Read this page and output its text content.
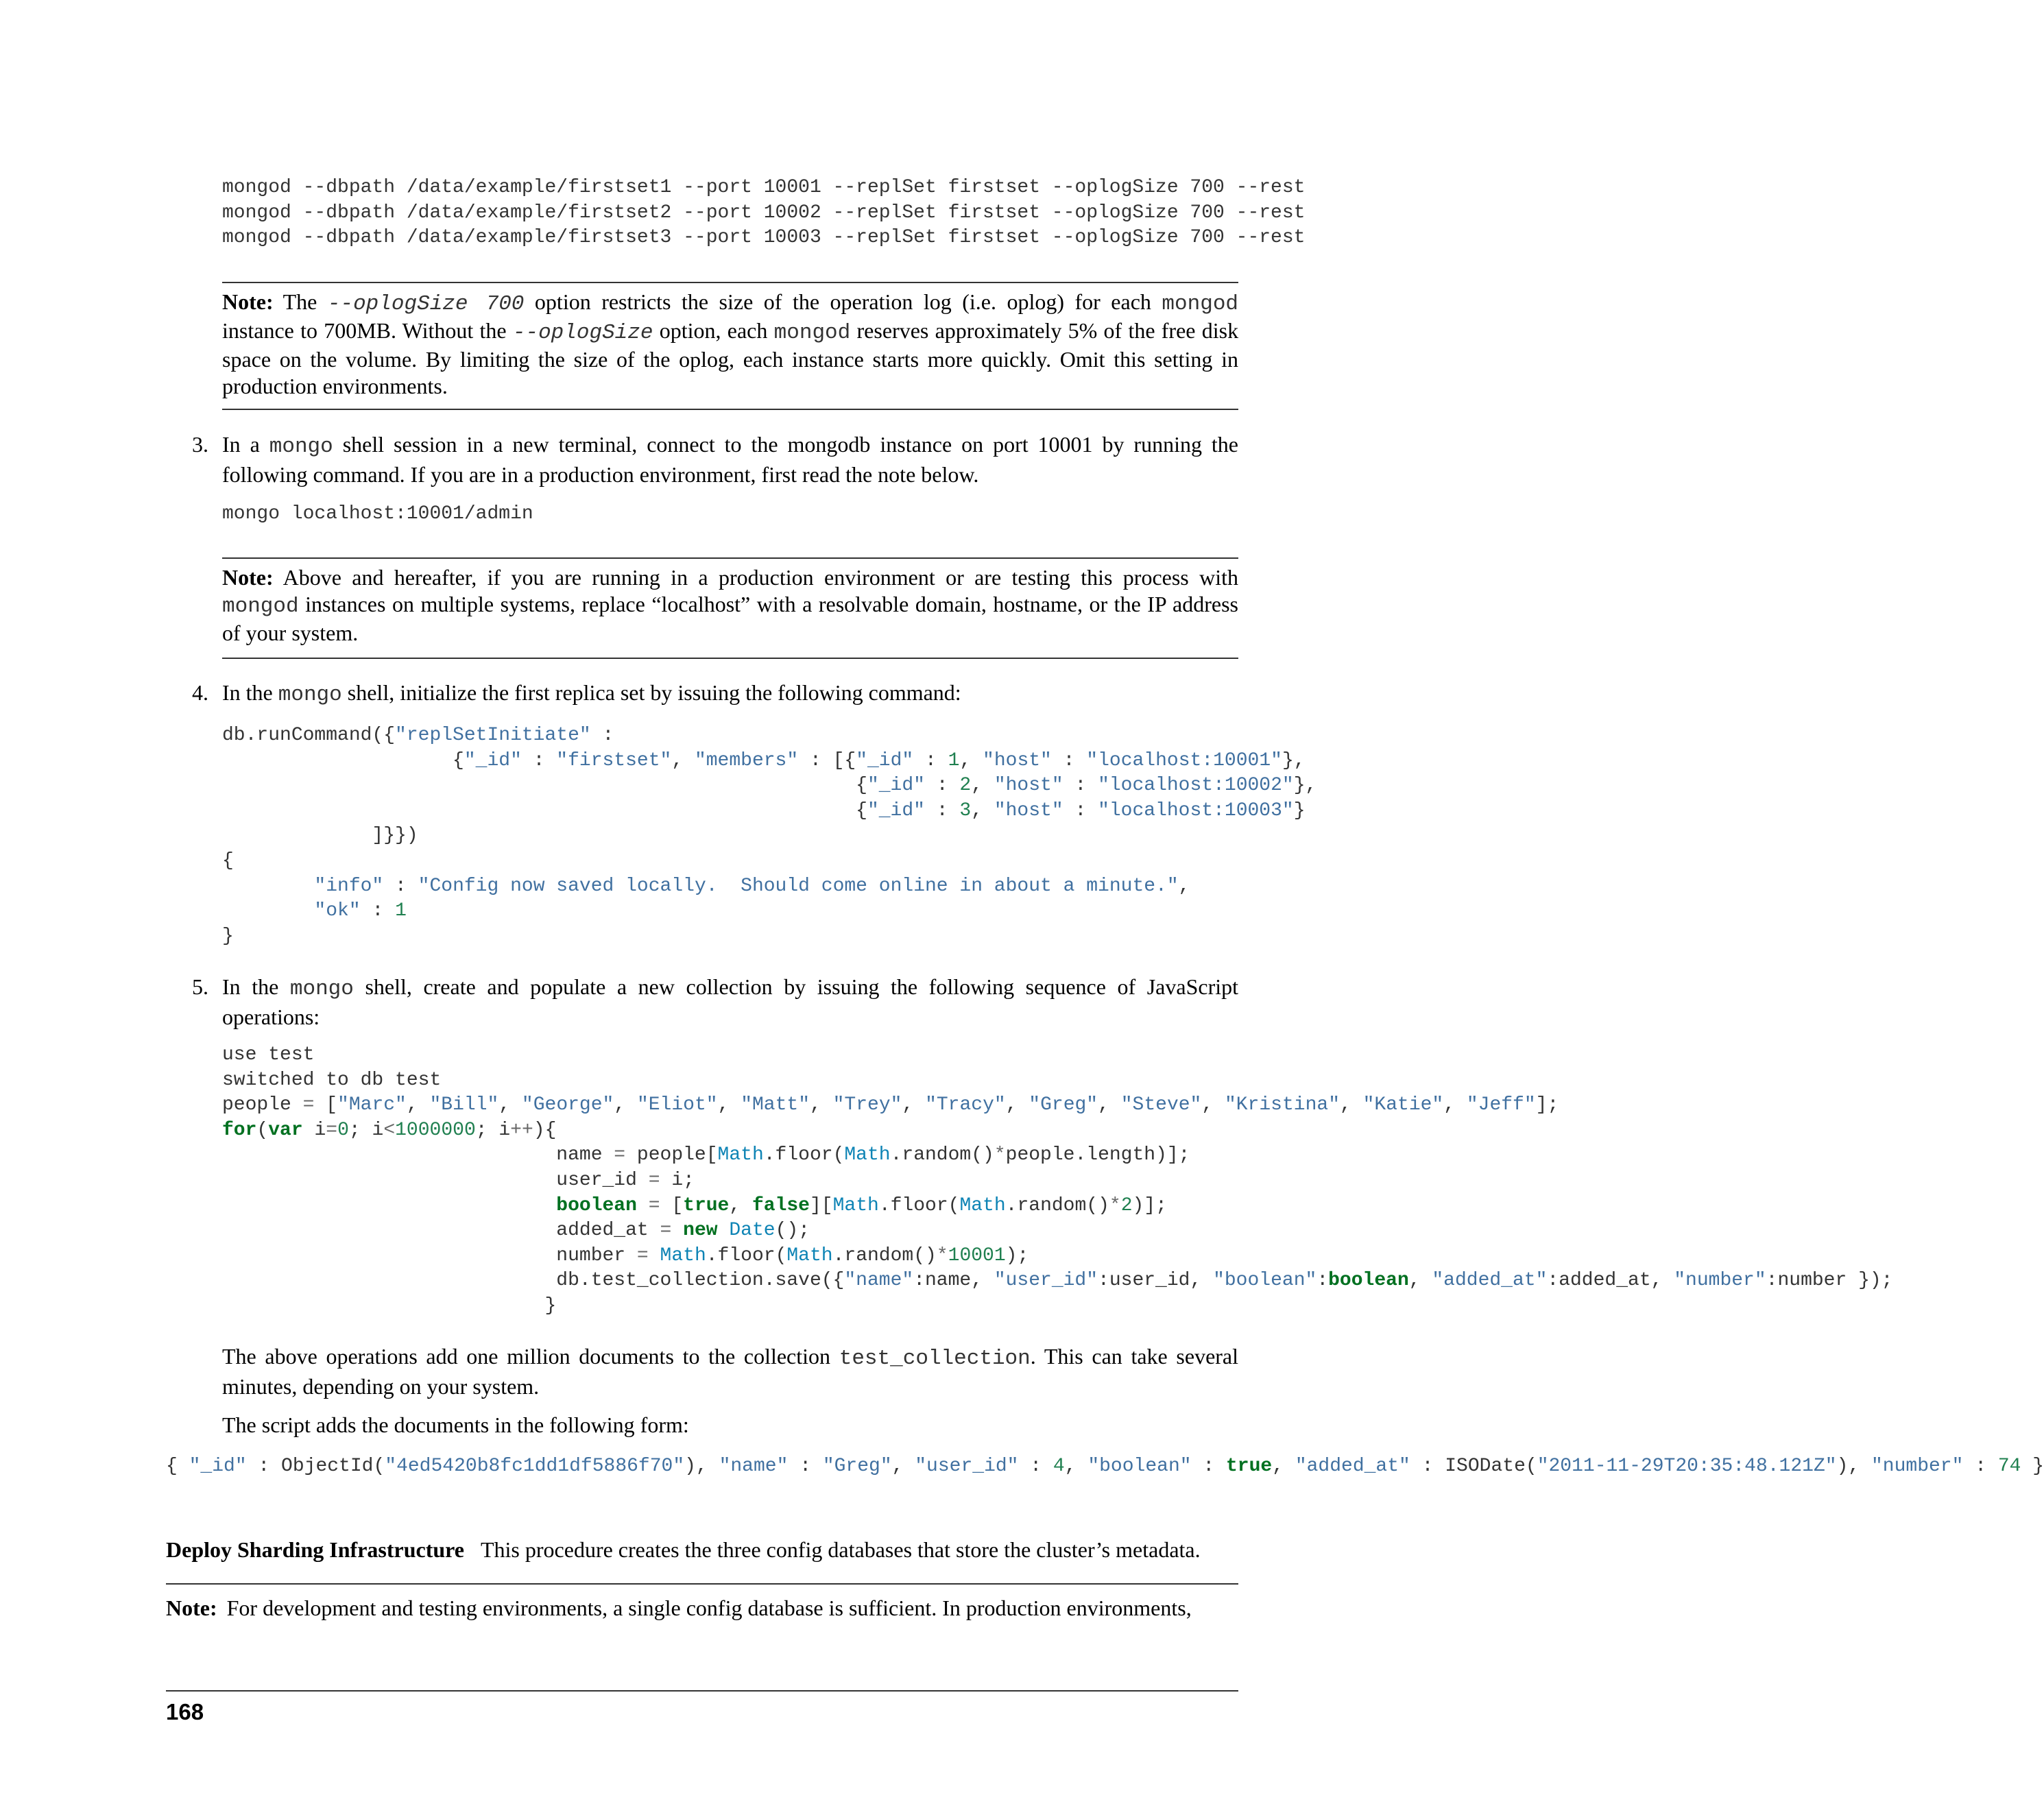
mongod --dbpath /data/example/firstset1 --port 10001 --replSet firstset --oplogSize 700 --rest
mongod --dbpath /data/example/firstset2 --port 10002 --replSet firstset --oplogSize 700 --rest
mongod --dbpath /data/example/firstset3 --port 10003 --replSet firstset --oplogSize 700 --rest

Note: The --oplogSize 700 option restricts the size of the operation log (i.e. oplog) for each mongod instance to 700MB. Without the --oplogSize option, each mongod reserves approximately 5% of the free disk space on the volume. By limiting the size of the oplog, each instance starts more quickly. Omit this setting in production environments.

3. In a mongo shell session in a new terminal, connect to the mongodb instance on port 10001 by running the following command. If you are in a production environment, first read the note below.
mongo localhost:10001/admin

Note: Above and hereafter, if you are running in a production environment or are testing this process with mongod instances on multiple systems, replace “localhost” with a resolvable domain, hostname, or the IP address of your system.

4. In the mongo shell, initialize the first replica set by issuing the following command:
db.runCommand({"replSetInitiate" :
{"_id" : "firstset", "members" : [{"_id" : 1, "host" : "localhost:10001"},
{"_id" : 2, "host" : "localhost:10002"},
{"_id" : 3, "host" : "localhost:10003"}
]}})
{
"info" : "Config now saved locally.  Should come online in about a minute.",
"ok" : 1
}
5. In the mongo shell, create and populate a new collection by issuing the following sequence of JavaScript operations:
use test
switched to db test
people = ["Marc", "Bill", "George", "Eliot", "Matt", "Trey", "Tracy", "Greg", "Steve", "Kristina", "Katie", "Jeff"];
for(var i=0; i<1000000; i++){
name = people[Math.floor(Math.random()*people.length)];
user_id = i;
boolean = [true, false][Math.floor(Math.random()*2)];
added_at = new Date();
number = Math.floor(Math.random()*10001);
db.test_collection.save({"name":name, "user_id":user_id, "boolean":boolean, "added_at":added_at, "number":number });
}

The above operations add one million documents to the collection test_collection. This can take several minutes, depending on your system.

The script adds the documents in the following form:

{ "_id" : ObjectId("4ed5420b8fc1dd1df5886f70"), "name" : "Greg", "user_id" : 4, "boolean" : true, "added_at" : ISODate("2011-11-29T20:35:48.121Z"), "number" : 74 }

Deploy Sharding Infrastructure This procedure creates the three config databases that store the cluster’s metadata.

Note: For development and testing environments, a single config database is sufficient. In production environments,

168
